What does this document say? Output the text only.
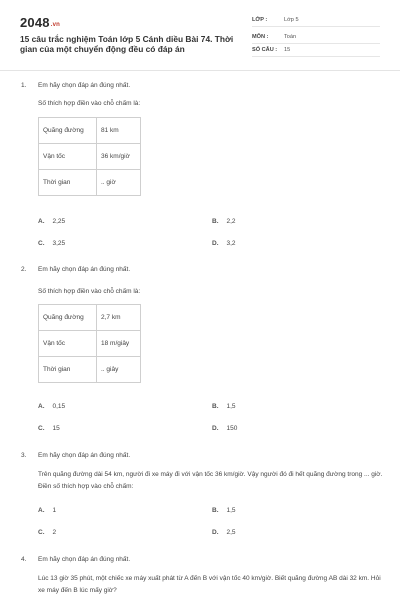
2048.vn
15 câu trắc nghiệm Toán lớp 5 Cánh diều Bài 74. Thời gian của một chuyển động đều có đáp án
LỚP :	Lớp 5
MÔN :	Toán
SỐ CÂU : 15
1. Em hãy chọn đáp án đúng nhất.
Số thích hợp điền vào chỗ chấm là:
Quãng đường	81 km
Vận tốc	36 km/giờ
Thời gian	.. giờ
A. 2,25	B. 2,2
C. 3,25	D. 3,2
2. Em hãy chọn đáp án đúng nhất.
Số thích hợp điền vào chỗ chấm là:
Quãng đường	2,7 km
Vận tốc	18 m/giây
Thời gian	.. giây
A. 0,15	B. 1,5
C. 15	D. 150
3. Em hãy chọn đáp án đúng nhất.
Trên quãng đường dài 54 km, người đi xe máy đi với vận tốc 36 km/giờ. Vậy người đó đi hết quãng đường trong ... giờ. Điền số thích hợp vào chỗ chấm:
A. 1	B. 1,5
C. 2	D. 2,5
4. Em hãy chọn đáp án đúng nhất.
Lúc 13 giờ 35 phút, một chiếc xe máy xuất phát từ A đến B với vận tốc 40 km/giờ. Biết quãng đường AB dài 32 km. Hỏi xe máy đến B lúc mấy giờ?
